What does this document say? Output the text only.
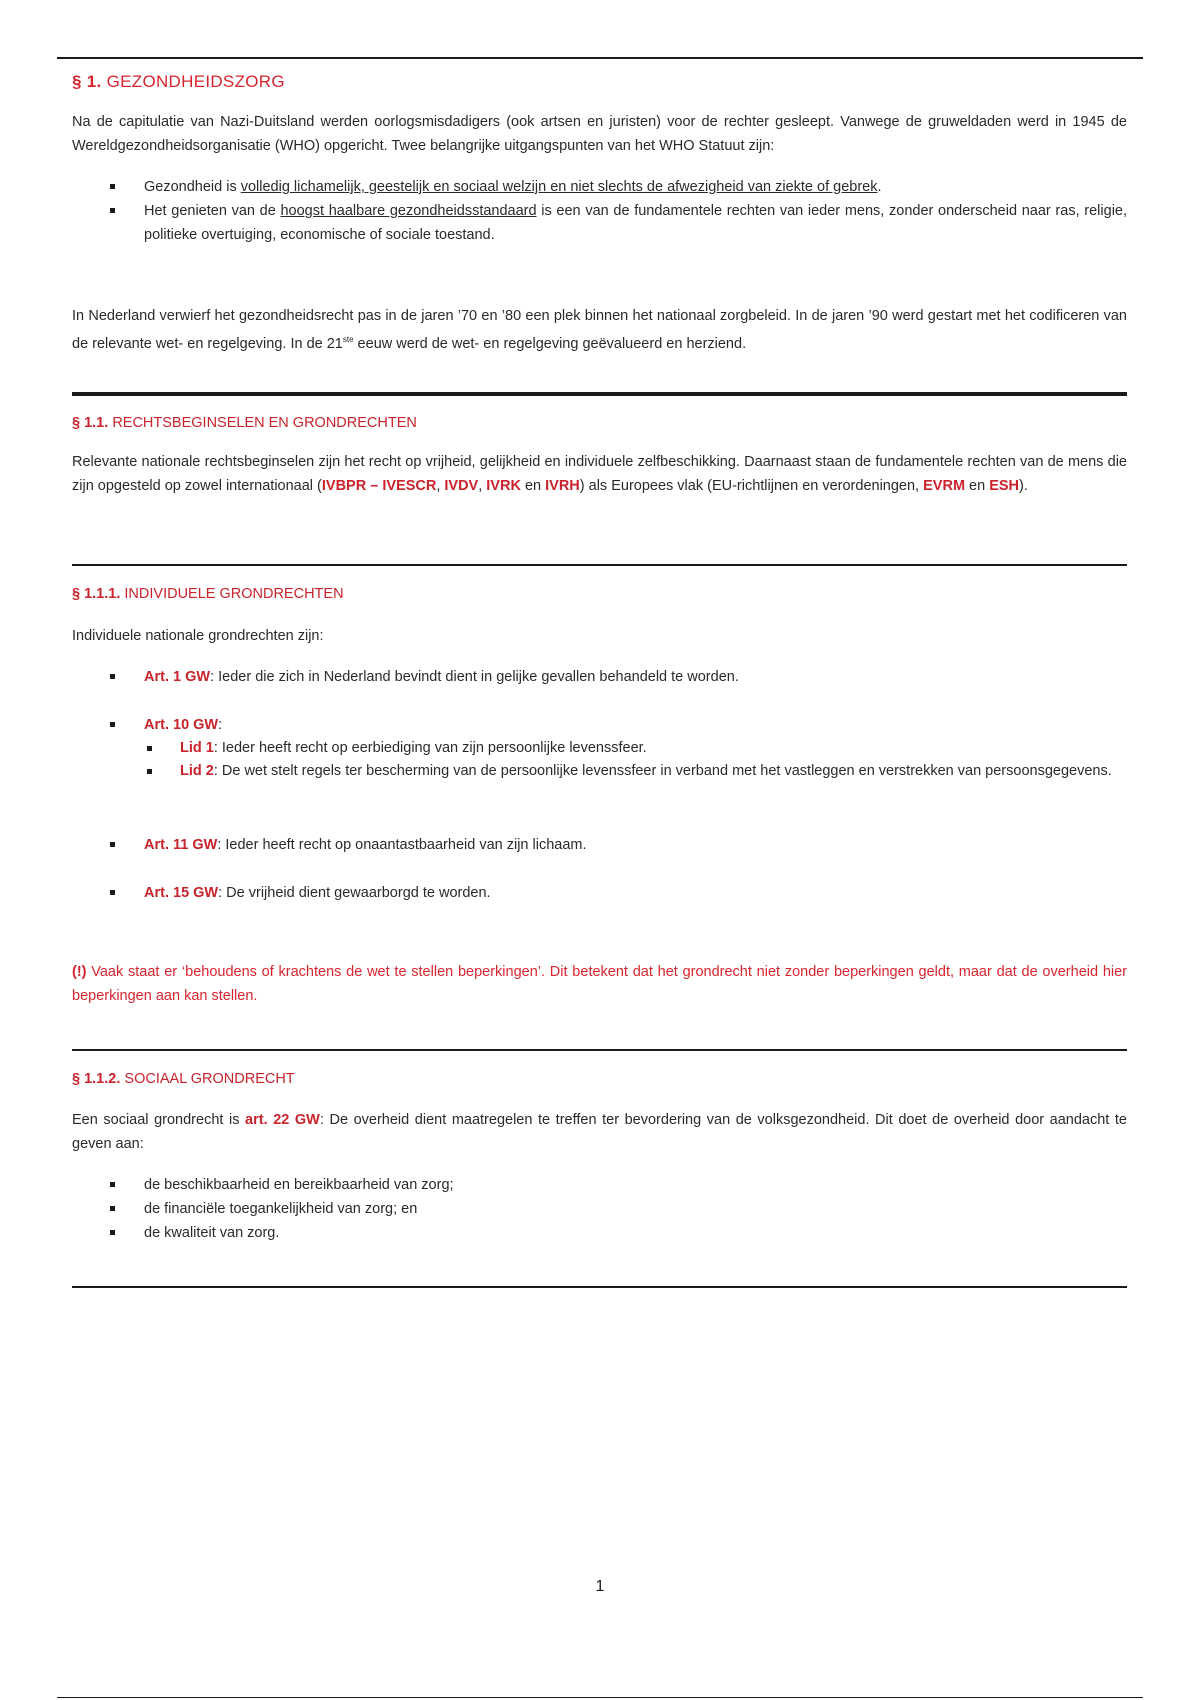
§ 1. GEZONDHEIDSZORG

Na de capitulatie van Nazi-Duitsland werden oorlogsmisdadigers (ook artsen en juristen) voor de rechter gesleept. Vanwege de gruweldaden werd in 1945 de Wereldgezondheidsorganisatie (WHO) opgericht. Twee belangrijke uitgangspunten van het WHO Statuut zijn:

Gezondheid is volledig lichamelijk, geestelijk en sociaal welzijn en niet slechts de afwezigheid van ziekte of gebrek.
Het genieten van de hoogst haalbare gezondheidsstandaard is een van de fundamentele rechten van ieder mens, zonder onderscheid naar ras, religie, politieke overtuiging, economische of sociale toestand.

In Nederland verwierf het gezondheidsrecht pas in de jaren ’70 en ’80 een plek binnen het nationaal zorgbeleid. In de jaren ’90 werd gestart met het codificeren van de relevante wet- en regelgeving. In de 21ste eeuw werd de wet- en regelgeving geëvalueerd en herziend.

§ 1.1. RECHTSBEGINSELEN EN GRONDRECHTEN

Relevante nationale rechtsbeginselen zijn het recht op vrijheid, gelijkheid en individuele zelfbeschikking. Daarnaast staan de fundamentele rechten van de mens die zijn opgesteld op zowel internationaal (IVBPR – IVESCR, IVDV, IVRK en IVRH) als Europees vlak (EU-richtlijnen en verordeningen, EVRM en ESH).

§ 1.1.1. INDIVIDUELE GRONDRECHTEN

Individuele nationale grondrechten zijn:

Art. 1 GW: Ieder die zich in Nederland bevindt dient in gelijke gevallen behandeld te worden.
Art. 10 GW:
Lid 1: Ieder heeft recht op eerbiediging van zijn persoonlijke levenssfeer.
Lid 2: De wet stelt regels ter bescherming van de persoonlijke levenssfeer in verband met het vastleggen en verstrekken van persoonsgegevens.
Art. 11 GW: Ieder heeft recht op onaantastbaarheid van zijn lichaam.
Art. 15 GW: De vrijheid dient gewaarborgd te worden.

(!) Vaak staat er ‘behoudens of krachtens de wet te stellen beperkingen’. Dit betekent dat het grondrecht niet zonder beperkingen geldt, maar dat de overheid hier beperkingen aan kan stellen.

§ 1.1.2. SOCIAAL GRONDRECHT

Een sociaal grondrecht is art. 22 GW: De overheid dient maatregelen te treffen ter bevordering van de volksgezondheid. Dit doet de overheid door aandacht te geven aan:

de beschikbaarheid en bereikbaarheid van zorg;
de financiële toegankelijkheid van zorg; en
de kwaliteit van zorg.
1
